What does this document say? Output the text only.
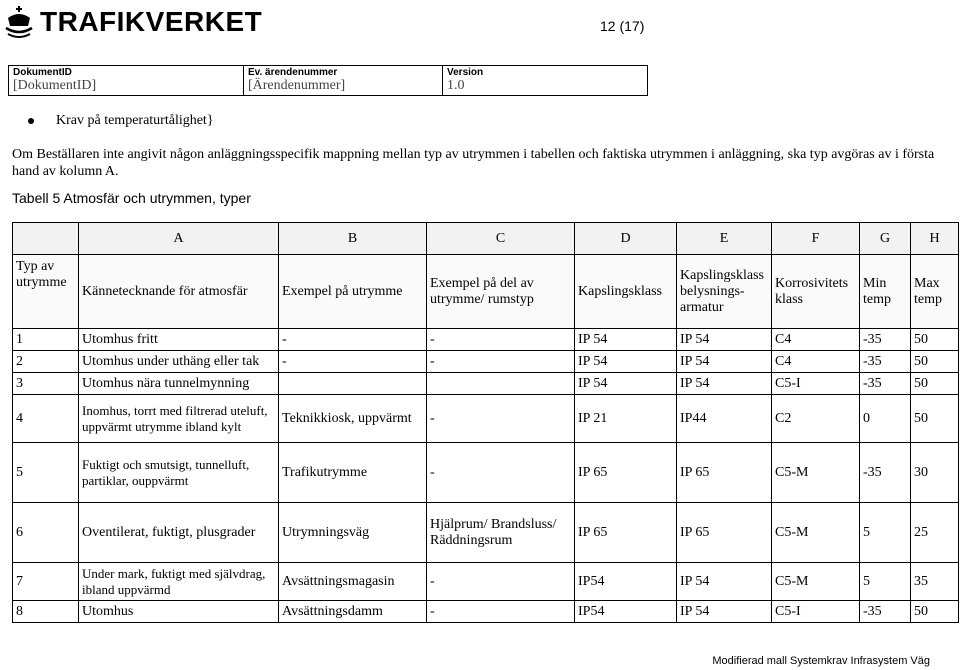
TRAFIKVERKET	12 (17)
DokumentID
[DokumentID]

Ev. ärendenummer
[Ärendenummer]

Version
1.0
Krav på temperaturtålighet}
Om Beställaren inte angivit någon anläggningsspecifik mappning mellan typ av utrymmen i tabellen och faktiska utrymmen i anläggning, ska typ avgöras av i första hand av kolumn A.
Tabell 5 Atmosfär och utrymmen, typer
	A	B	C	D	E	F	G	H
Typ av utrymme	Kännetecknande för atmosfär	Exempel på utrymme	Exempel på del av utrymme/ rumstyp	Kapslingsklass	Kapslingsklass belysnings-armatur	Korrosivitets klass	Min temp	Max temp
1	Utomhus fritt	-	-	IP 54	IP 54	C4	-35	50
2	Utomhus under uthäng eller tak	-	-	IP 54	IP 54	C4	-35	50
3	Utomhus nära tunnelmynning			IP 54	IP 54	C5-I	-35	50
4	Inomhus, torrt med filtrerad uteluft, uppvärmt utrymme ibland kylt	Teknikkiosk, uppvärmt	-	IP 21	IP44	C2	0	50
5	Fuktigt och smutsigt, tunnelluft, partiklar, ouppvärmt	Trafikutrymme	-	IP 65	IP 65	C5-M	-35	30
6	Oventilerat, fuktigt, plusgrader	Utrymningsväg	Hjälprum/ Brandsluss/ Räddningsrum	IP 65	IP 65	C5-M	5	25
7	Under mark, fuktigt med självdrag, ibland uppvärmd	Avsättningsmagasin	-	IP54	IP 54	C5-M	5	35
8	Utomhus	Avsättningsdamm	-	IP54	IP 54	C5-I	-35	50
Modifierad mall Systemkrav Infrasystem Väg
